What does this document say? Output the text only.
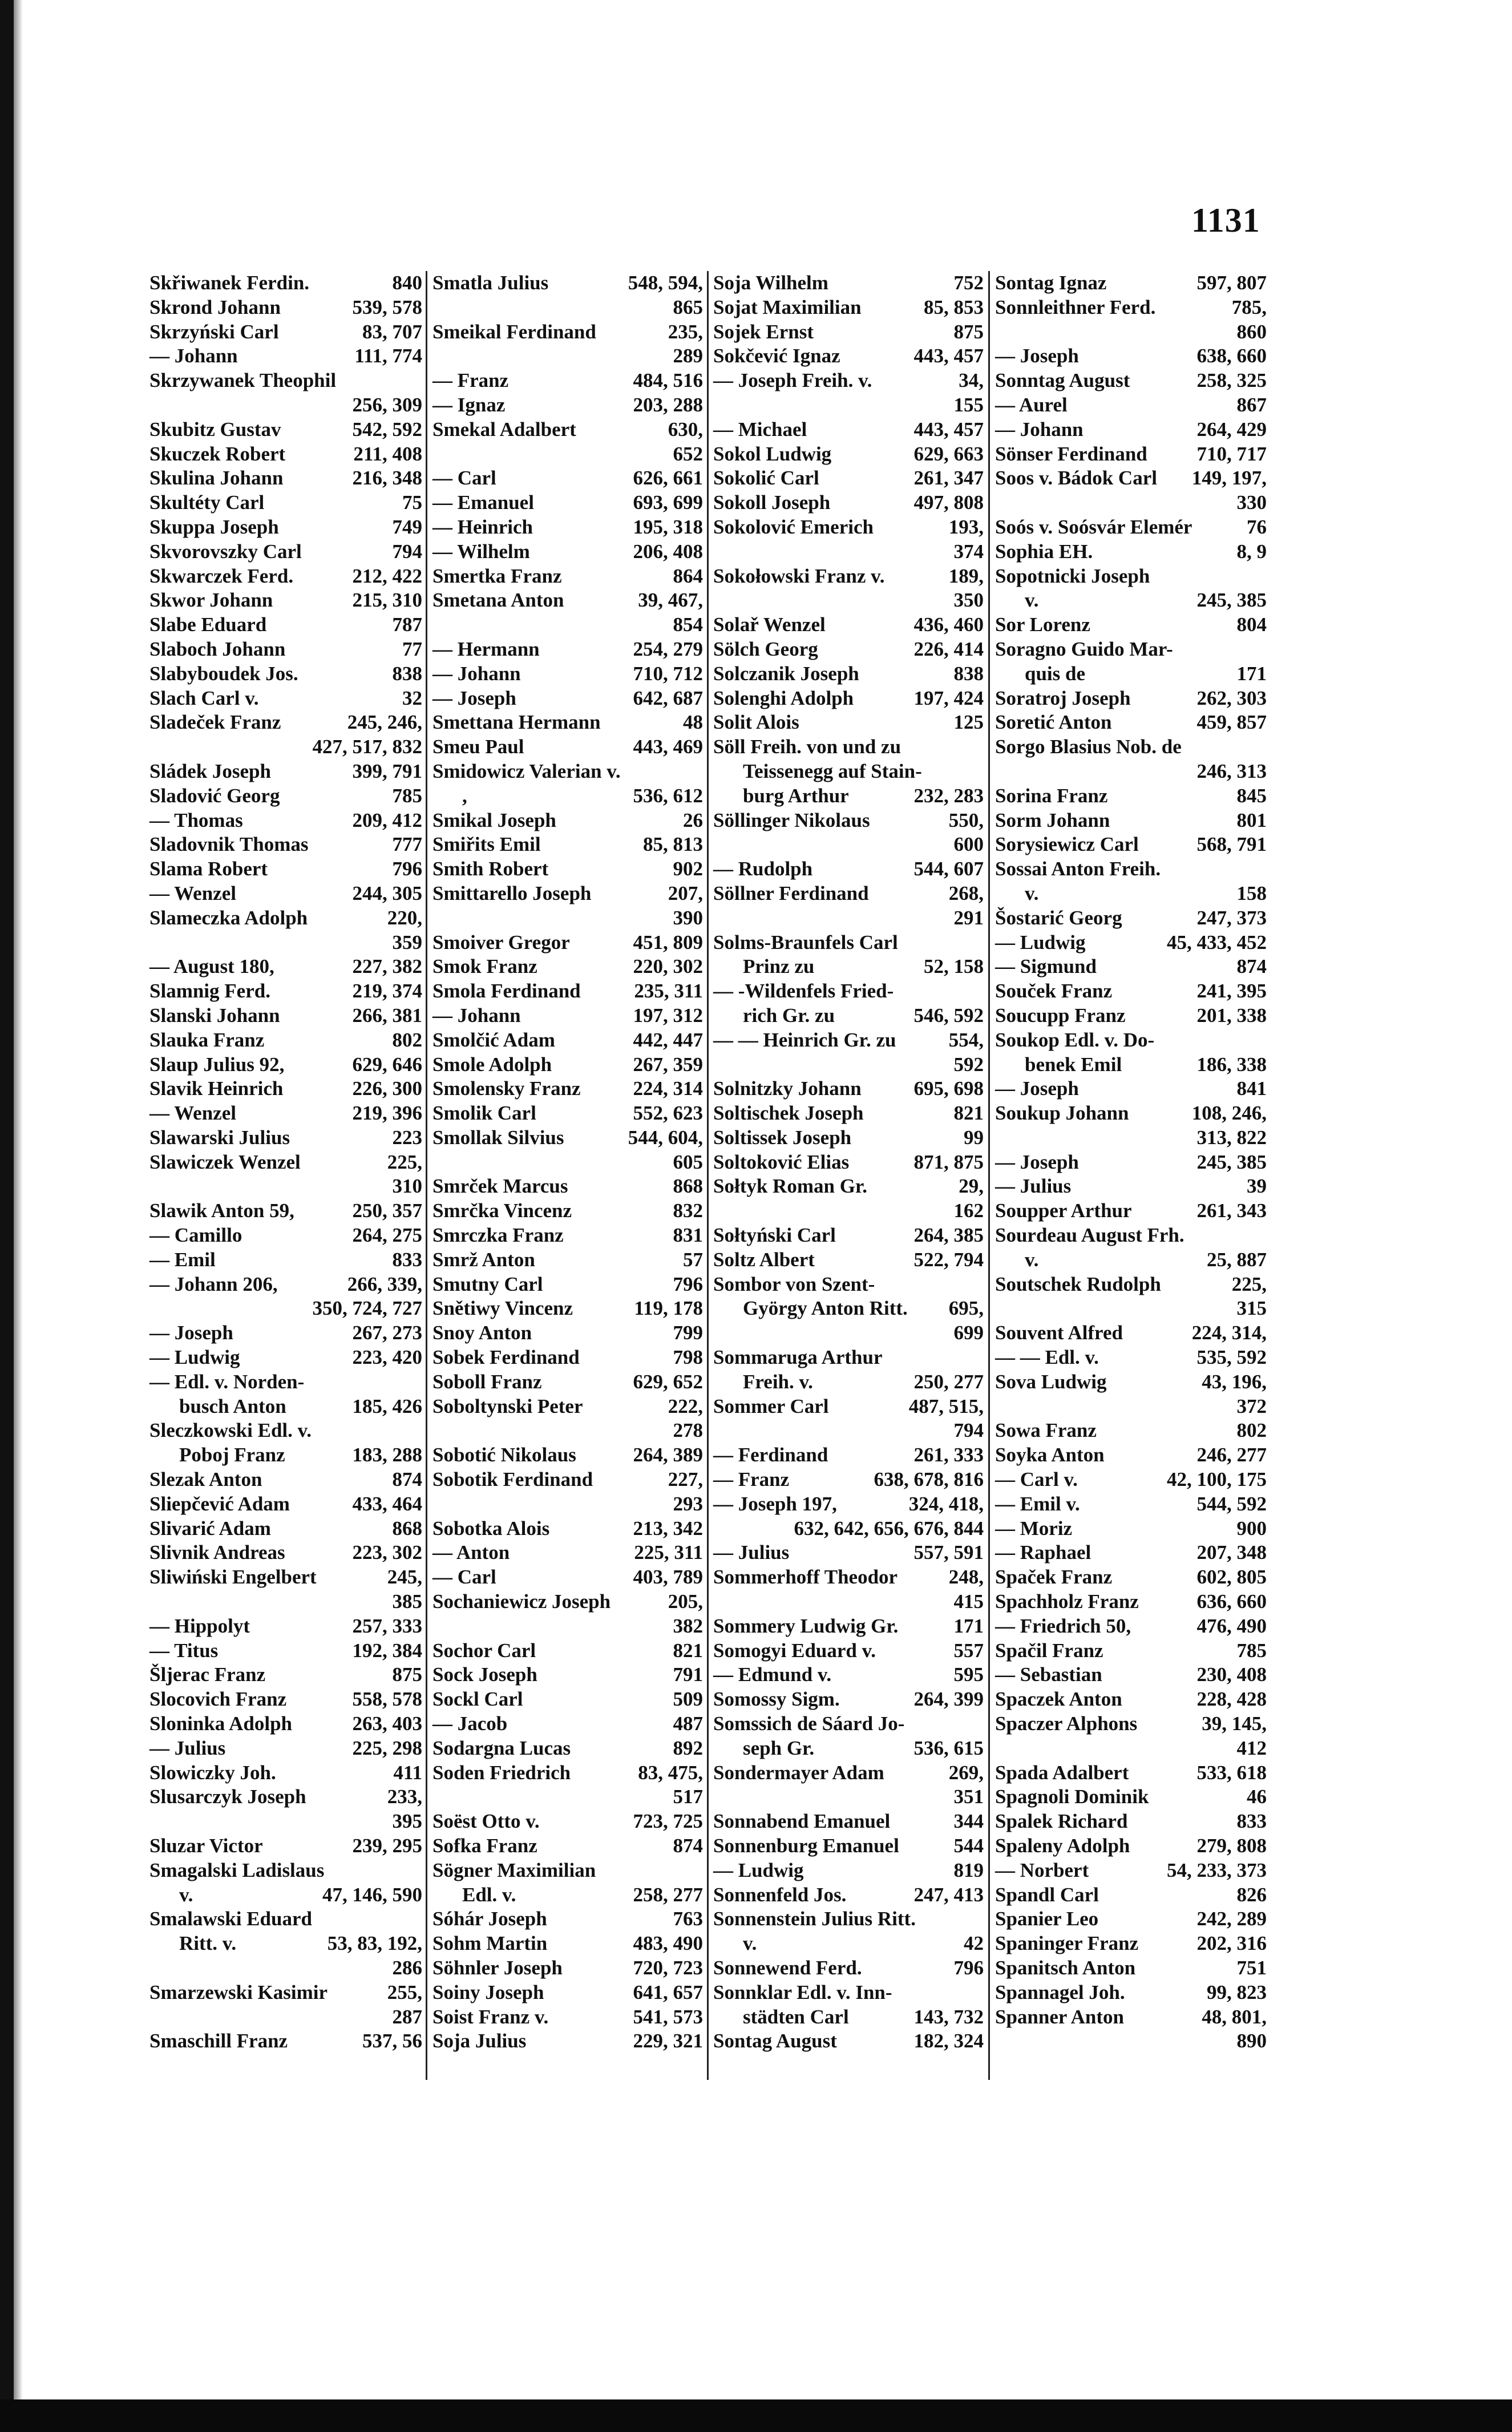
1131
Skřiwanek Ferdin.	840
Skrond Johann	539, 578
Skrzyński Carl	83, 707
— Johann	111, 774
Skrzywanek Theophil
256, 309
Skubitz Gustav	542, 592
Skuczek Robert	211, 408
Skulina Johann	216, 348
Skultéty Carl	75
Skuppa Joseph	749
Skvorovszky Carl	794
Skwarczek Ferd.	212, 422
Skwor Johann	215, 310
Slabe Eduard	787
Slaboch Johann	77
Slabyboudek Jos.	838
Slach Carl v.	32
Sladeček Franz	245, 246,
427, 517, 832
Sládek Joseph	399, 791
Sladović Georg	785
— Thomas	209, 412
Sladovnik Thomas	777
Slama Robert	796
— Wenzel	244, 305
Slameczka Adolph	220,
359
— August 180,	227, 382
Slamnig Ferd.	219, 374
Slanski Johann	266, 381
Slauka Franz	802
Slaup Julius 92,	629, 646
Slavik Heinrich	226, 300
— Wenzel	219, 396
Slawarski Julius	223
Slawiczek Wenzel	225,
310
Slawik Anton 59,	250, 357
— Camillo	264, 275
— Emil	833
— Johann 206,	266, 339,
350, 724, 727
— Joseph	267, 273
— Ludwig	223, 420
— Edl. v. Norden-
busch Anton	185, 426
Sleczkowski Edl. v.
Poboj Franz	183, 288
Slezak Anton	874
Sliepčević Adam	433, 464
Slivarić Adam	868
Slivnik Andreas	223, 302
Sliwiński Engelbert	245,
385
— Hippolyt	257, 333
— Titus	192, 384
Šljerac Franz	875
Slocovich Franz	558, 578
Sloninka Adolph	263, 403
— Julius	225, 298
Slowiczky Joh.	411
Slusarczyk Joseph	233,
395
Sluzar Victor	239, 295
Smagalski Ladislaus
v.	47, 146, 590
Smalawski Eduard
Ritt. v.	53, 83, 192,
286
Smarzewski Kasimir	255,
287
Smaschill Franz	537, 56
Smatla Julius	548, 594,
865
Smeikal Ferdinand	235,
289
— Franz	484, 516
— Ignaz	203, 288
Smekal Adalbert	630,
652
— Carl	626, 661
— Emanuel	693, 699
— Heinrich	195, 318
— Wilhelm	206, 408
Smertka Franz	864
Smetana Anton	39, 467,
854
— Hermann	254, 279
— Johann	710, 712
— Joseph	642, 687
Smettana Hermann	48
Smeu Paul	443, 469
Smidowicz Valerian v.
,	536, 612
Smikal Joseph	26
Smiřits Emil	85, 813
Smith Robert	902
Smittarello Joseph	207,
390
Smoiver Gregor	451, 809
Smok Franz	220, 302
Smola Ferdinand	235, 311
— Johann	197, 312
Smolčić Adam	442, 447
Smole Adolph	267, 359
Smolensky Franz	224, 314
Smolik Carl	552, 623
Smollak Silvius	544, 604,
605
Smrček Marcus	868
Smrčka Vincenz	832
Smrczka Franz	831
Smrž Anton	57
Smutny Carl	796
Snětiwy Vincenz	119, 178
Snoy Anton	799
Sobek Ferdinand	798
Soboll Franz	629, 652
Soboltynski Peter	222,
278
Sobotić Nikolaus	264, 389
Sobotik Ferdinand	227,
293
Sobotka Alois	213, 342
— Anton	225, 311
— Carl	403, 789
Sochaniewicz Joseph	205,
382
Sochor Carl	821
Sock Joseph	791
Sockl Carl	509
— Jacob	487
Sodargna Lucas	892
Soden Friedrich	83, 475,
517
Soëst Otto v.	723, 725
Sofka Franz	874
Sögner Maximilian
Edl. v.	258, 277
Sóhár Joseph	763
Sohm Martin	483, 490
Söhnler Joseph	720, 723
Soiny Joseph	641, 657
Soist Franz v.	541, 573
Soja Julius	229, 321
Soja Wilhelm	752
Sojat Maximilian	85, 853
Sojek Ernst	875
Sokčević Ignaz	443, 457
— Joseph Freih. v.	34,
155
— Michael	443, 457
Sokol Ludwig	629, 663
Sokolić Carl	261, 347
Sokoll Joseph	497, 808
Sokolović Emerich	193,
374
Sokołowski Franz v.	189,
350
Solař Wenzel	436, 460
Sölch Georg	226, 414
Solczanik Joseph	838
Solenghi Adolph	197, 424
Solit Alois	125
Söll Freih. von und zu
Teissenegg auf Stain-
burg Arthur	232, 283
Söllinger Nikolaus	550,
600
— Rudolph	544, 607
Söllner Ferdinand	268,
291
Solms-Braunfels Carl
Prinz zu	52, 158
— -Wildenfels Fried-
rich Gr. zu	546, 592
— — Heinrich Gr. zu	554,
592
Solnitzky Johann	695, 698
Soltischek Joseph	821
Soltissek Joseph	99
Soltoković Elias	871, 875
Sołtyk Roman Gr.	29,
162
Sołtyński Carl	264, 385
Soltz Albert	522, 794
Sombor von Szent-
György Anton Ritt. 695,
699
Sommaruga Arthur
Freih. v.	250, 277
Sommer Carl	487, 515,
794
— Ferdinand	261, 333
— Franz	638, 678, 816
— Joseph 197,	324, 418,
632, 642, 656, 676, 844
— Julius	557, 591
Sommerhoff Theodor	248,
415
Sommery Ludwig Gr.	171
Somogyi Eduard v.	557
— Edmund v.	595
Somossy Sigm.	264, 399
Somssich de Sáard Jo-
seph Gr.	536, 615
Sondermayer Adam	269,
351
Sonnabend Emanuel	344
Sonnenburg Emanuel	544
— Ludwig	819
Sonnenfeld Jos.	247, 413
Sonnenstein Julius Ritt.
v.	42
Sonnewend Ferd.	796
Sonnklar Edl. v. Inn-
städten Carl	143, 732
Sontag August	182, 324
Sontag Ignaz	597, 807
Sonnleithner Ferd.	785,
860
— Joseph	638, 660
Sonntag August	258, 325
— Aurel	867
— Johann	264, 429
Sönser Ferdinand 710, 717
Soos v. Bádok Carl 149, 197,
330
Soós v. Soósvár Elemér	76
Sophia EH.	8, 9
Sopotnicki Joseph
v.	245, 385
Sor Lorenz	804
Soragno Guido Mar-
quis de	171
Soratroj Joseph	262, 303
Soretić Anton	459, 857
Sorgo Blasius Nob. de
246, 313
Sorina Franz	845
Sorm Johann	801
Sorysiewicz Carl	568, 791
Sossai Anton Freih.
v.	158
Šostarić Georg	247, 373
— Ludwig	45, 433, 452
— Sigmund	874
Souček Franz	241, 395
Soucupp Franz	201, 338
Soukop Edl. v. Do-
benek Emil	186, 338
— Joseph	841
Soukup Johann	108, 246,
313, 822
— Joseph	245, 385
— Julius	39
Soupper Arthur	261, 343
Sourdeau August Frh.
v.	25, 887
Soutschek Rudolph	225,
315
Souvent Alfred	224, 314,
— — Edl. v.	535, 592
Sova Ludwig	43, 196,
372
Sowa Franz	802
Soyka Anton	246, 277
— Carl v.	42, 100, 175
— Emil v.	544, 592
— Moriz	900
— Raphael	207, 348
Spaček Franz	602, 805
Spachholz Franz	636, 660
— Friedrich 50,	476, 490
Spačil Franz	785
— Sebastian	230, 408
Spaczek Anton	228, 428
Spaczer Alphons	39, 145,
412
Spada Adalbert	533, 618
Spagnoli Dominik	46
Spalek Richard	833
Spaleny Adolph	279, 808
— Norbert	54, 233, 373
Spandl Carl	826
Spanier Leo	242, 289
Spaninger Franz	202, 316
Spanitsch Anton	751
Spannagel Joh.	99, 823
Spanner Anton	48, 801,
890
